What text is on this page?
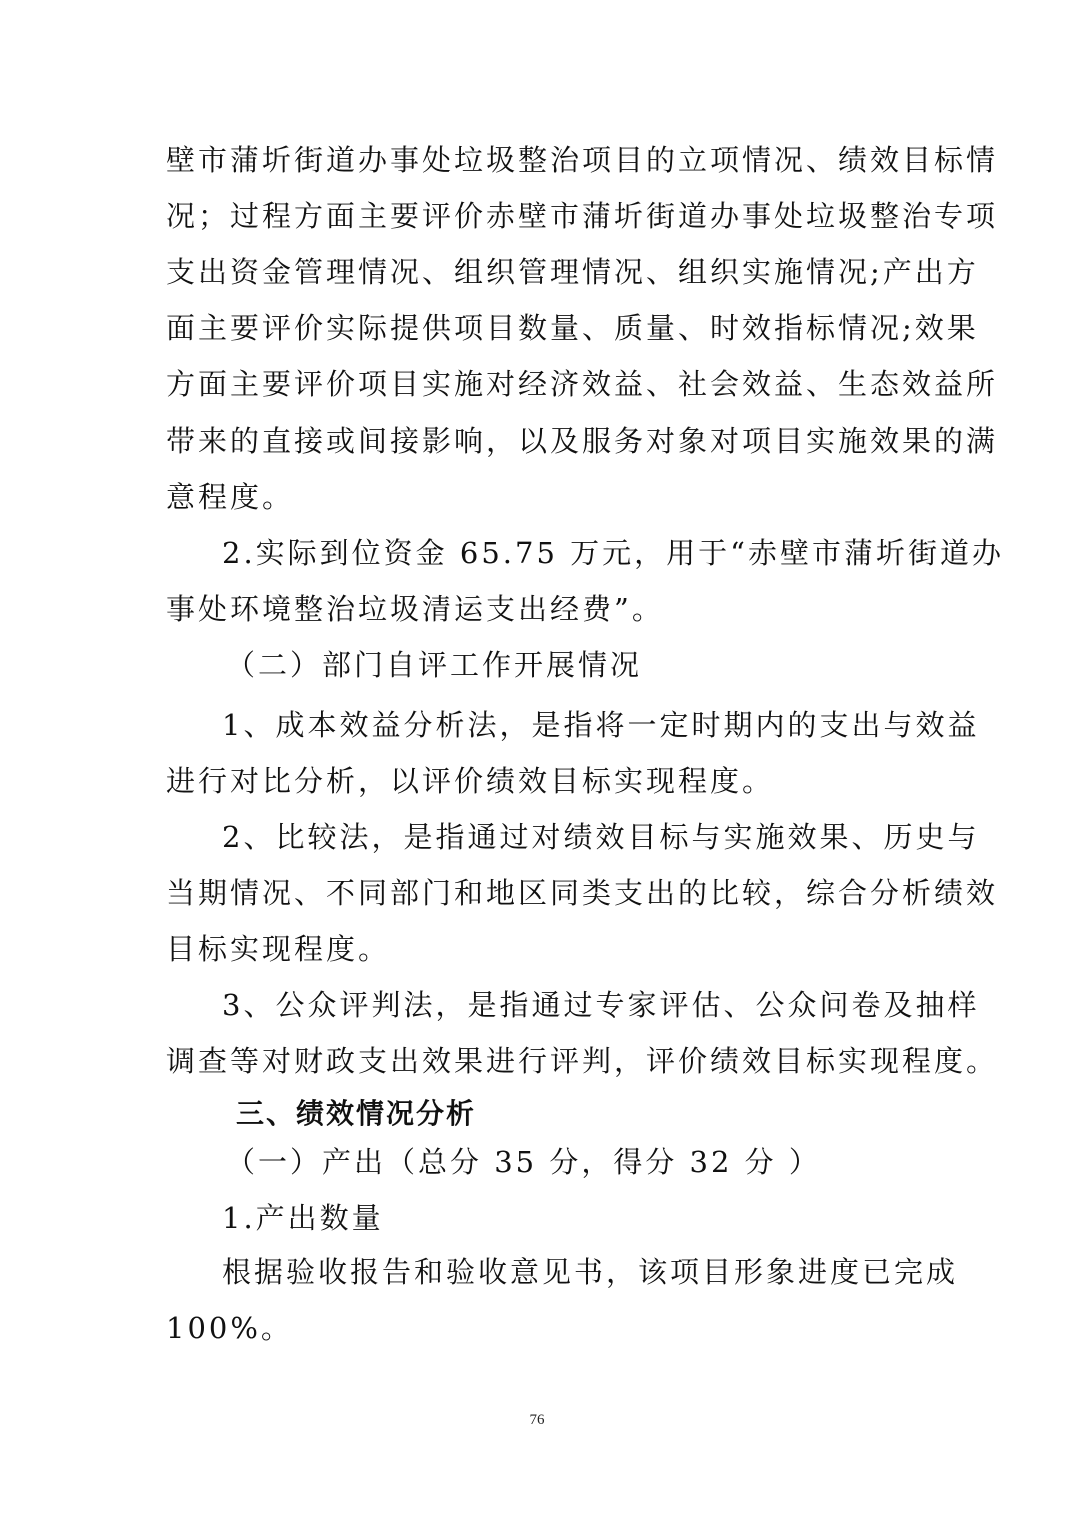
壁市蒲圻街道办事处垃圾整治项目的立项情况、绩效目标情
况；过程方面主要评价赤壁市蒲圻街道办事处垃圾整治专项
支出资金管理情况、组织管理情况、组织实施情况;产出方
面主要评价实际提供项目数量、质量、时效指标情况;效果
方面主要评价项目实施对经济效益、社会效益、生态效益所
带来的直接或间接影响，以及服务对象对项目实施效果的满
意程度。
2.实际到位资金 65.75 万元，用于“赤壁市蒲圻街道办
事处环境整治垃圾清运支出经费”。
（二）部门自评工作开展情况
1、成本效益分析法，是指将一定时期内的支出与效益
进行对比分析，以评价绩效目标实现程度。
2、比较法，是指通过对绩效目标与实施效果、历史与
当期情况、不同部门和地区同类支出的比较，综合分析绩效
目标实现程度。
3、公众评判法，是指通过专家评估、公众问卷及抽样
调查等对财政支出效果进行评判，评价绩效目标实现程度。
三、绩效情况分析
（一）产出（总分 35 分，得分 32 分 ）
1.产出数量
根据验收报告和验收意见书，该项目形象进度已完成
100%。
76
